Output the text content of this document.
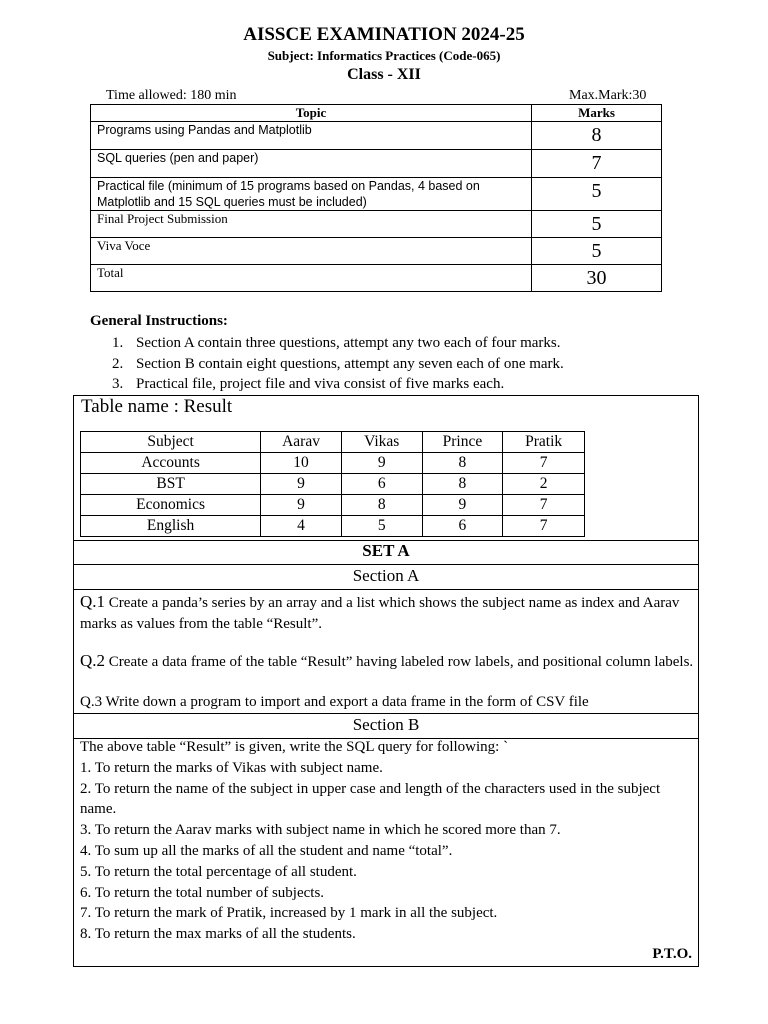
AISSCE EXAMINATION 2024-25
Subject: Informatics Practices (Code-065)
Class - XII
Time allowed: 180 min	Max.Mark:30
Topic	Marks
Programs using Pandas and Matplotlib	8
SQL queries (pen and paper)	7
Practical file (minimum of 15 programs based on Pandas, 4 based on Matplotlib and 15 SQL queries must be included)	5
Final Project Submission	5
Viva Voce	5
Total	30
General Instructions:
1. Section A contain three questions, attempt any two each of four marks.
2. Section B contain eight questions, attempt any seven each of one mark.
3. Practical file, project file and viva consist of five marks each.
Table name : Result
Subject	Aarav	Vikas	Prince	Pratik
Accounts	10	9	8	7
BST	9	6	8	2
Economics	9	8	9	7
English	4	5	6	7
SET A
Section A
Q.1 Create a panda’s series by an array and a list which shows the subject name as index and Aarav marks as values from the table “Result”.
Q.2 Create a data frame of the table “Result” having labeled row labels, and positional column labels.
Q.3 Write down a program to import and export a data frame in the form of CSV file
Section B
The above table “Result” is given, write the SQL query for following: `
1. To return the marks of Vikas with subject name.
2. To return the name of the subject in upper case and length of the characters used in the subject name.
3. To return the Aarav marks with subject name in which he scored more than 7.
4. To sum up all the marks of all the student and name “total”.
5. To return the total percentage of all student.
6. To return the total number of subjects.
7. To return the mark of Pratik, increased by 1 mark in all the subject.
8. To return the max marks of all the students.
P.T.O.
